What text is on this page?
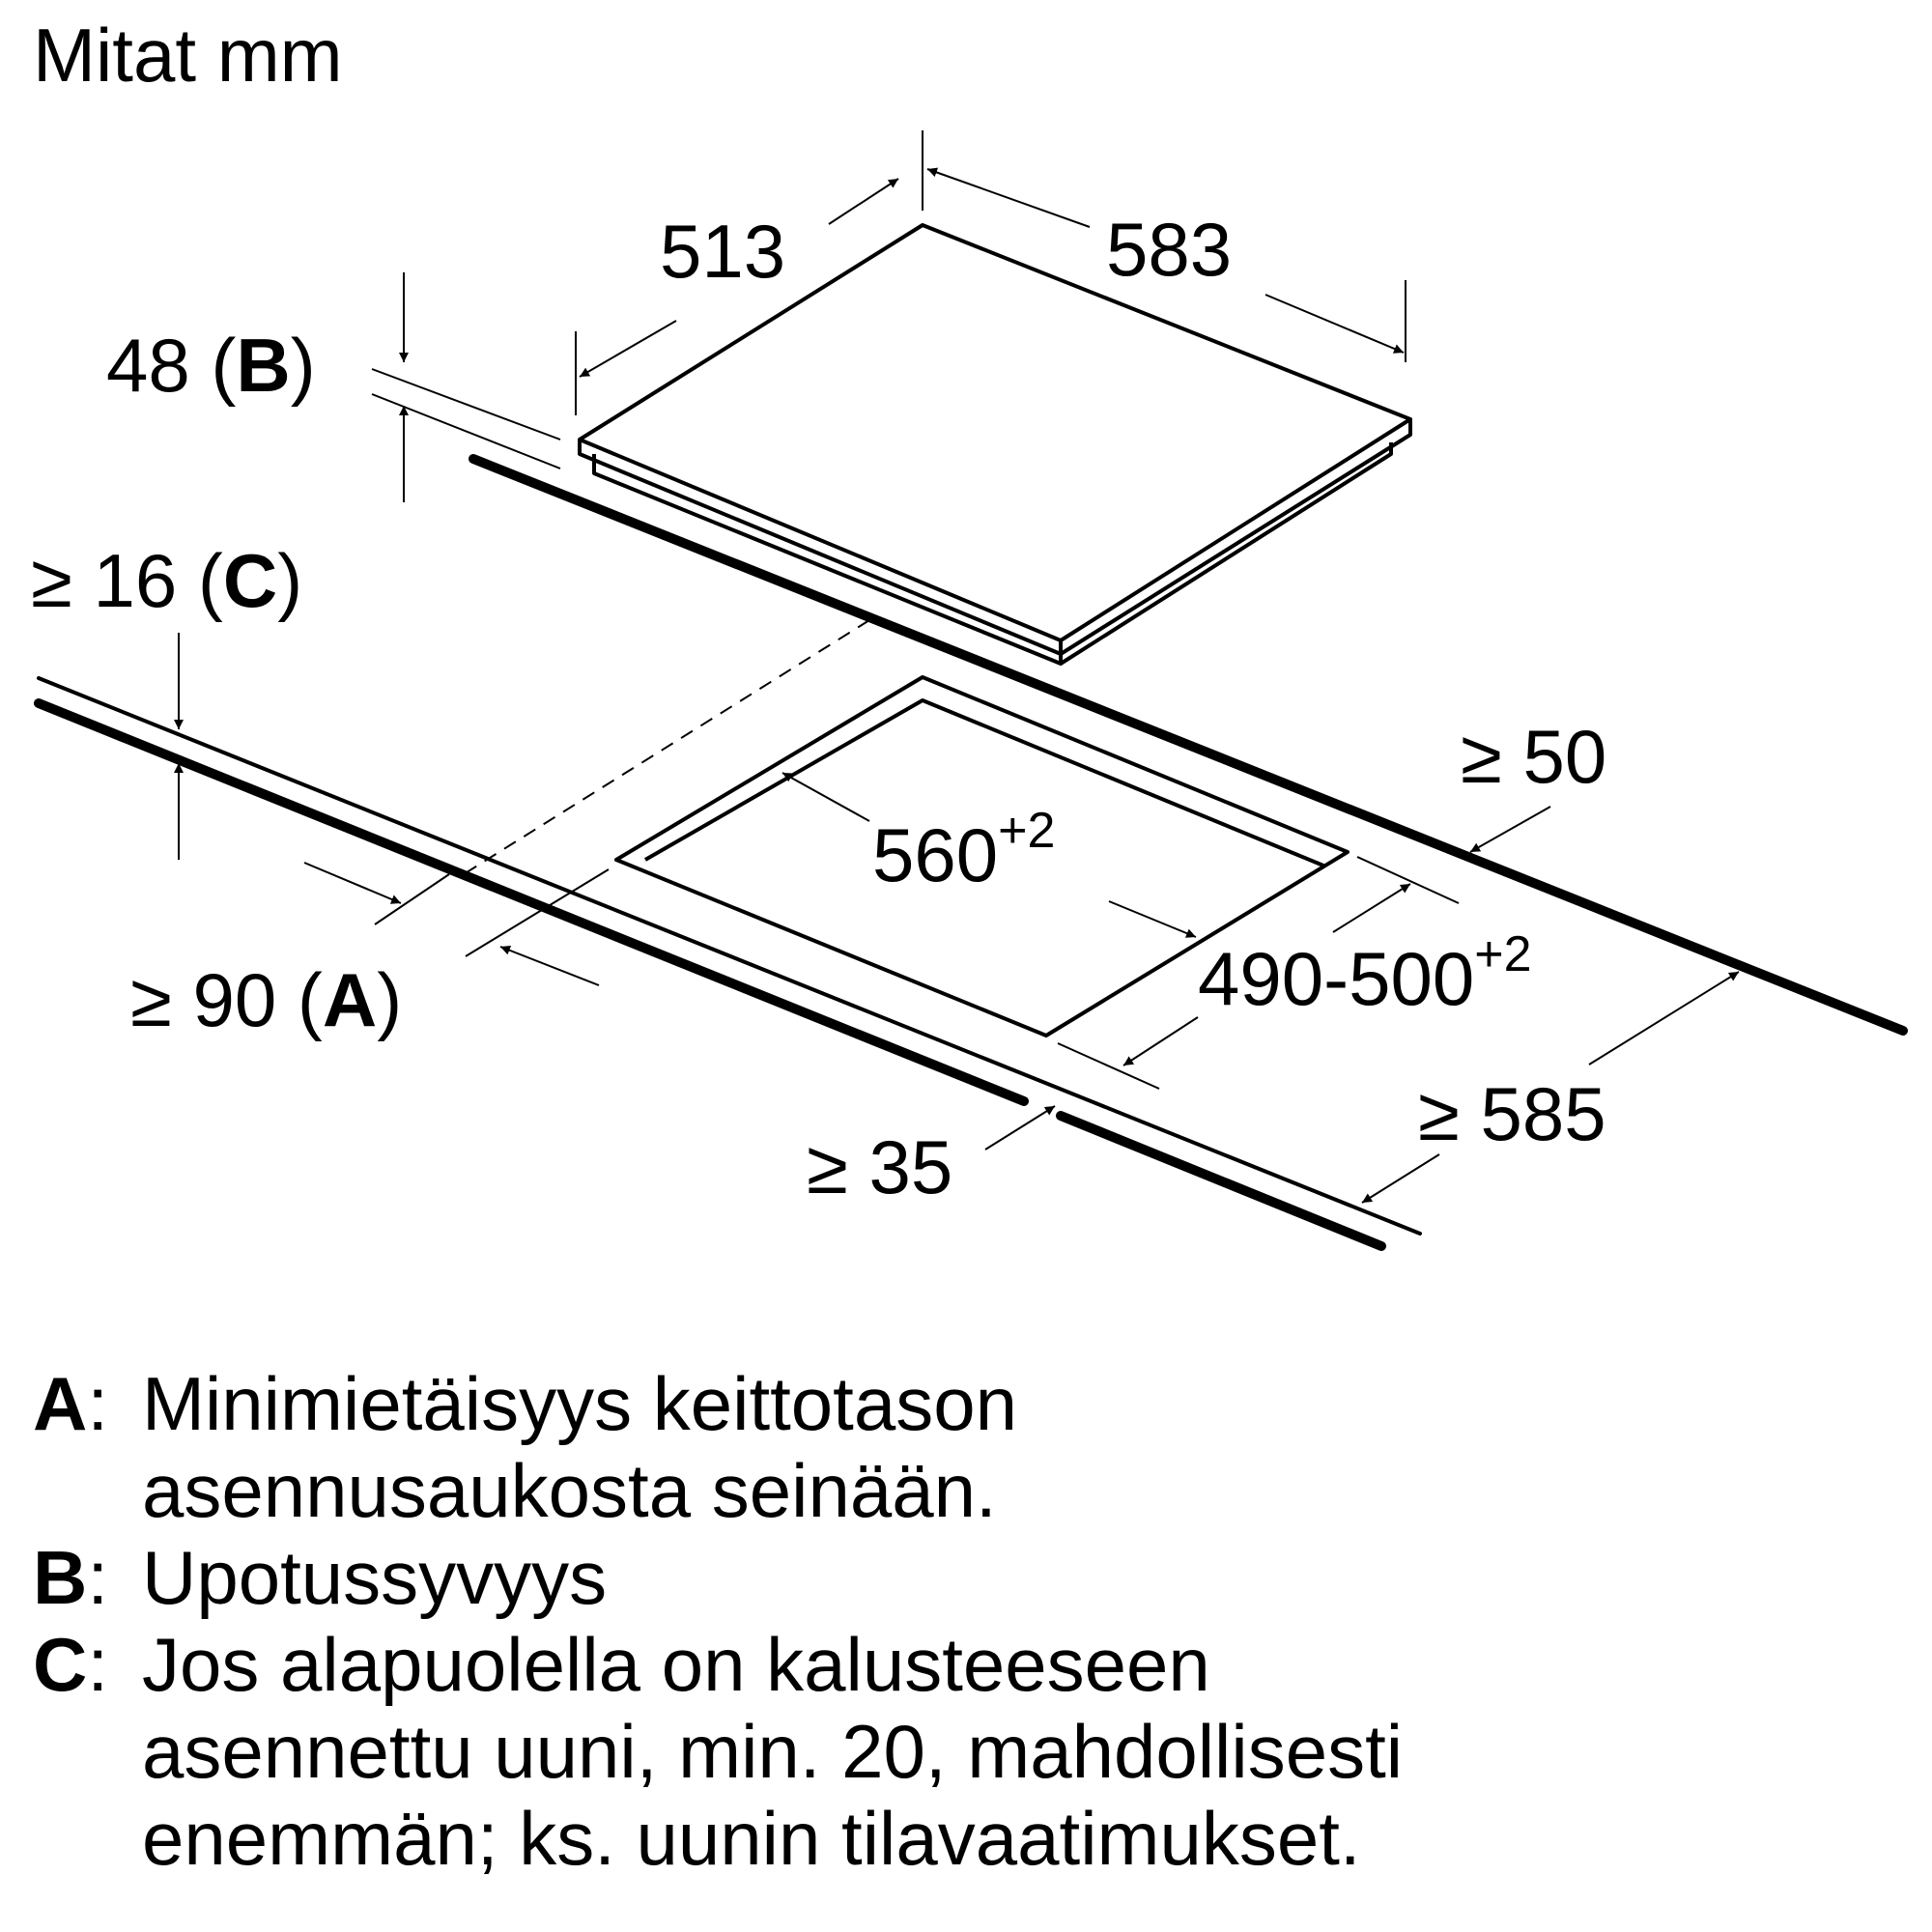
Mitat mm
513	583
48 (B)
≥ 16 (C)
≥ 90 (A)
$560^{+2}$
$490-500^{+2}$
≥ 50
≥ 585
≥ 35
A: Minimietäisyys keittotason
asennusaukosta seinään.
B: Upotussyvyys
C: Jos alapuolella on kalusteeseen
asennettu uuni, min. 20, mahdollisesti
enemmän; ks. uunin tilavaatimukset.
